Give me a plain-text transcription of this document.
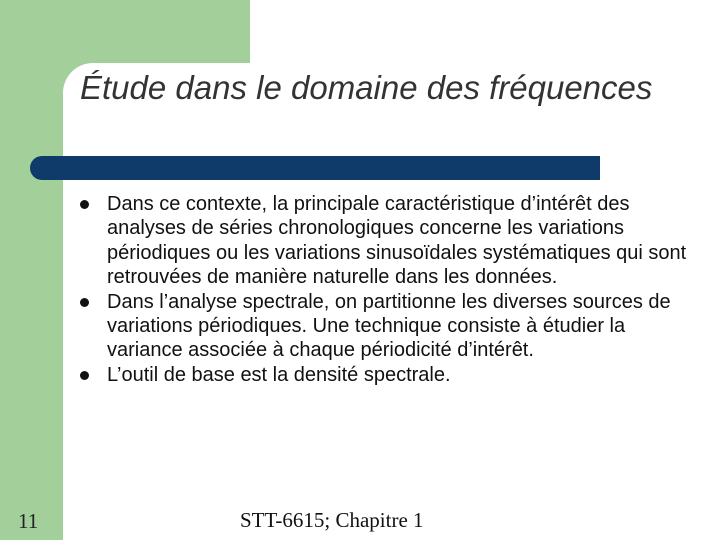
Étude dans le domaine des fréquences
Dans ce contexte, la principale caractéristique d’intérêt des analyses de séries chronologiques concerne les variations périodiques ou les variations sinusoïdales systématiques qui sont retrouvées de manière naturelle dans les données.
Dans l’analyse spectrale, on partitionne les diverses sources de variations périodiques. Une technique consiste à étudier la variance associée à chaque périodicité d’intérêt.
L’outil de base est la densité spectrale.
11	STT-6615; Chapitre 1
